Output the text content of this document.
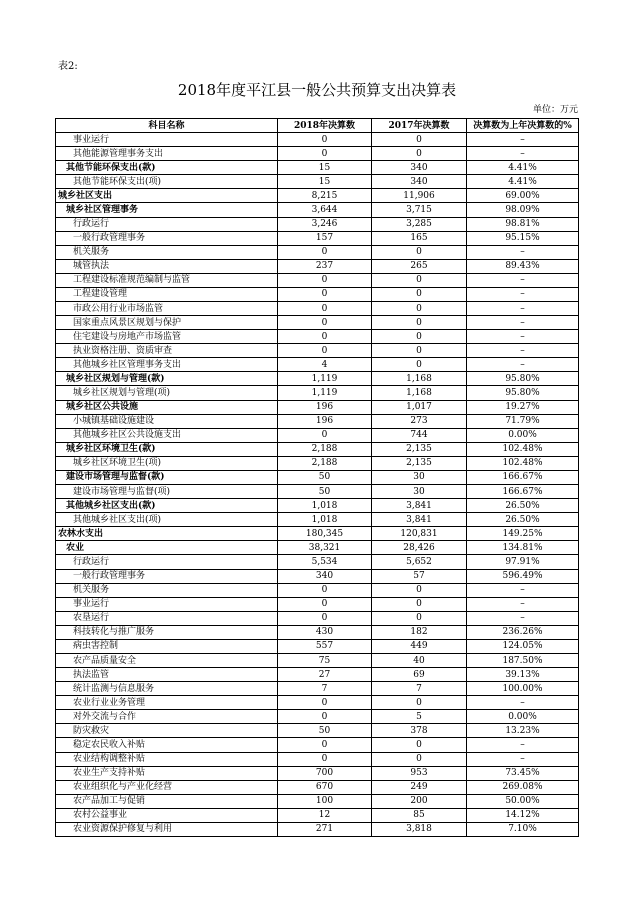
表2:
2018年度平江县一般公共预算支出决算表
单位：万元
科目名称	2018年决算数	2017年决算数	决算数为上年决算数的%
事业运行	0	0	–
其他能源管理事务支出	0	0	–
其他节能环保支出(款)	15	340	4.41%
其他节能环保支出(项)	15	340	4.41%
城乡社区支出	8,215	11,906	69.00%
城乡社区管理事务	3,644	3,715	98.09%
行政运行	3,246	3,285	98.81%
一般行政管理事务	157	165	95.15%
机关服务	0	0	–
城管执法	237	265	89.43%
工程建设标准规范编制与监管	0	0	–
工程建设管理	0	0	–
市政公用行业市场监管	0	0	–
国家重点风景区规划与保护	0	0	–
住宅建设与房地产市场监管	0	0	–
执业资格注册、资质审查	0	0	–
其他城乡社区管理事务支出	4	0	–
城乡社区规划与管理(款)	1,119	1,168	95.80%
城乡社区规划与管理(项)	1,119	1,168	95.80%
城乡社区公共设施	196	1,017	19.27%
小城镇基础设施建设	196	273	71.79%
其他城乡社区公共设施支出	0	744	0.00%
城乡社区环境卫生(款)	2,188	2,135	102.48%
城乡社区环境卫生(项)	2,188	2,135	102.48%
建设市场管理与监督(款)	50	30	166.67%
建设市场管理与监督(项)	50	30	166.67%
其他城乡社区支出(款)	1,018	3,841	26.50%
其他城乡社区支出(项)	1,018	3,841	26.50%
农林水支出	180,345	120,831	149.25%
农业	38,321	28,426	134.81%
行政运行	5,534	5,652	97.91%
一般行政管理事务	340	57	596.49%
机关服务	0	0	–
事业运行	0	0	–
农垦运行	0	0	–
科技转化与推广服务	430	182	236.26%
病虫害控制	557	449	124.05%
农产品质量安全	75	40	187.50%
执法监管	27	69	39.13%
统计监测与信息服务	7	7	100.00%
农业行业业务管理	0	0	–
对外交流与合作	0	5	0.00%
防灾救灾	50	378	13.23%
稳定农民收入补贴	0	0	–
农业结构调整补贴	0	0	–
农业生产支持补贴	700	953	73.45%
农业组织化与产业化经营	670	249	269.08%
农产品加工与促销	100	200	50.00%
农村公益事业	12	85	14.12%
农业资源保护修复与利用	271	3,818	7.10%
